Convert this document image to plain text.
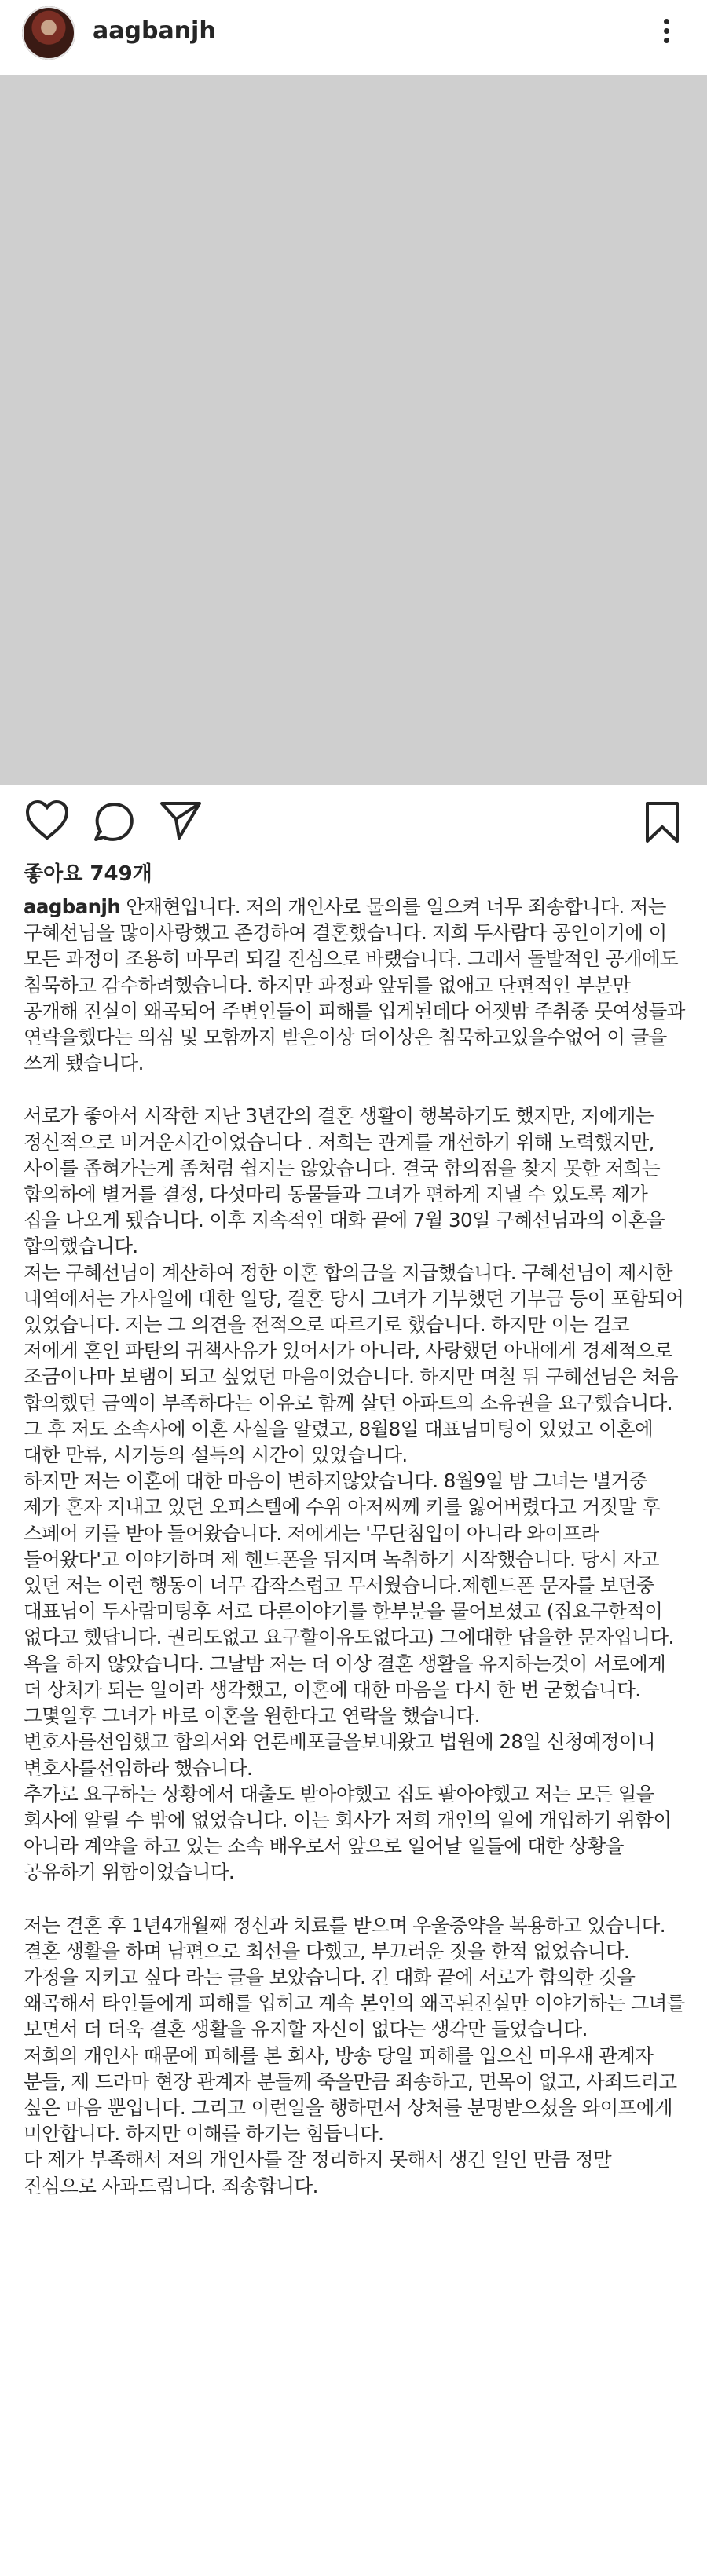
aagbanjh
좋아요 749개
aagbanjh 안재현입니다. 저의 개인사로 물의를 일으켜 너무 죄송합니다. 저는 구혜선님을 많이사랑했고 존경하여 결혼했습니다. 저희 두사람다 공인이기에 이 모든 과정이 조용히 마무리 되길 진심으로 바랬습니다. 그래서 돌발적인 공개에도 침묵하고 감수하려했습니다. 하지만 과정과 앞뒤를 없애고 단편적인 부분만 공개해 진실이 왜곡되어 주변인들이 피해를 입게된데다 어젯밤 주취중 뭇여성들과 연락을했다는 의심 및 모함까지 받은이상 더이상은 침묵하고있을수없어 이 글을 쓰게 됐습니다.
서로가 좋아서 시작한 지난 3년간의 결혼 생활이 행복하기도 했지만, 저에게는 정신적으로 버거운시간이었습니다 . 저희는 관계를 개선하기 위해 노력했지만, 사이를 좁혀가는게 좀처럼 쉽지는 않았습니다. 결국 합의점을 찾지 못한 저희는 합의하에 별거를 결정, 다섯마리 동물들과 그녀가 편하게 지낼 수 있도록 제가 집을 나오게 됐습니다. 이후 지속적인 대화 끝에 7월 30일 구혜선님과의 이혼을 합의했습니다.
저는 구혜선님이 계산하여 정한 이혼 합의금을 지급했습니다. 구혜선님이 제시한 내역에서는 가사일에 대한 일당, 결혼 당시 그녀가 기부했던 기부금 등이 포함되어 있었습니다. 저는 그 의견을 전적으로 따르기로 했습니다. 하지만 이는 결코 저에게 혼인 파탄의 귀책사유가 있어서가 아니라, 사랑했던 아내에게 경제적으로 조금이나마 보탬이 되고 싶었던 마음이었습니다. 하지만 며칠 뒤 구혜선님은 처음 합의했던 금액이 부족하다는 이유로 함께 살던 아파트의 소유권을 요구했습니다.
그 후 저도 소속사에 이혼 사실을 알렸고, 8월8일 대표님미팅이 있었고 이혼에 대한 만류, 시기등의 설득의 시간이 있었습니다.
하지만 저는 이혼에 대한 마음이 변하지않았습니다. 8월9일 밤 그녀는 별거중 제가 혼자 지내고 있던 오피스텔에 수위 아저씨께 키를 잃어버렸다고 거짓말 후 스페어 키를 받아 들어왔습니다. 저에게는 '무단침입이 아니라 와이프라 들어왔다'고 이야기하며 제 핸드폰을 뒤지며 녹취하기 시작했습니다. 당시 자고 있던 저는 이런 행동이 너무 갑작스럽고 무서웠습니다.제핸드폰 문자를 보던중 대표님이 두사람미팅후 서로 다른이야기를 한부분을 물어보셨고 (집요구한적이 없다고 했답니다. 권리도없고 요구할이유도없다고) 그에대한 답을한 문자입니다. 욕을 하지 않았습니다. 그날밤 저는 더 이상 결혼 생활을 유지하는것이 서로에게 더 상처가 되는 일이라 생각했고, 이혼에 대한 마음을 다시 한 번 굳혔습니다.
그몇일후 그녀가 바로 이혼을 원한다고 연락을 했습니다.
변호사를선임했고 합의서와 언론배포글을보내왔고 법원에 28일 신청예정이니 변호사를선임하라 했습니다.
추가로 요구하는 상황에서 대출도 받아야했고 집도 팔아야했고 저는 모든 일을 회사에 알릴 수 밖에 없었습니다. 이는 회사가 저희 개인의 일에 개입하기 위함이 아니라 계약을 하고 있는 소속 배우로서 앞으로 일어날 일들에 대한 상황을 공유하기 위함이었습니다.
저는 결혼 후 1년4개월째 정신과 치료를 받으며 우울증약을 복용하고 있습니다. 결혼 생활을 하며 남편으로 최선을 다했고, 부끄러운 짓을 한적 없었습니다. 가정을 지키고 싶다 라는 글을 보았습니다. 긴 대화 끝에 서로가 합의한 것을 왜곡해서 타인들에게 피해를 입히고 계속 본인의 왜곡된진실만 이야기하는 그녀를 보면서 더 더욱 결혼 생활을 유지할 자신이 없다는 생각만 들었습니다.
저희의 개인사 때문에 피해를 본 회사, 방송 당일 피해를 입으신 미우새 관계자 분들, 제 드라마 현장 관계자 분들께 죽을만큼 죄송하고, 면목이 없고, 사죄드리고 싶은 마음 뿐입니다. 그리고 이런일을 행하면서 상처를 분명받으셨을 와이프에게 미안합니다. 하지만 이해를 하기는 힘듭니다.
다 제가 부족해서 저의 개인사를 잘 정리하지 못해서 생긴 일인 만큼 정말 진심으로 사과드립니다. 죄송합니다.
